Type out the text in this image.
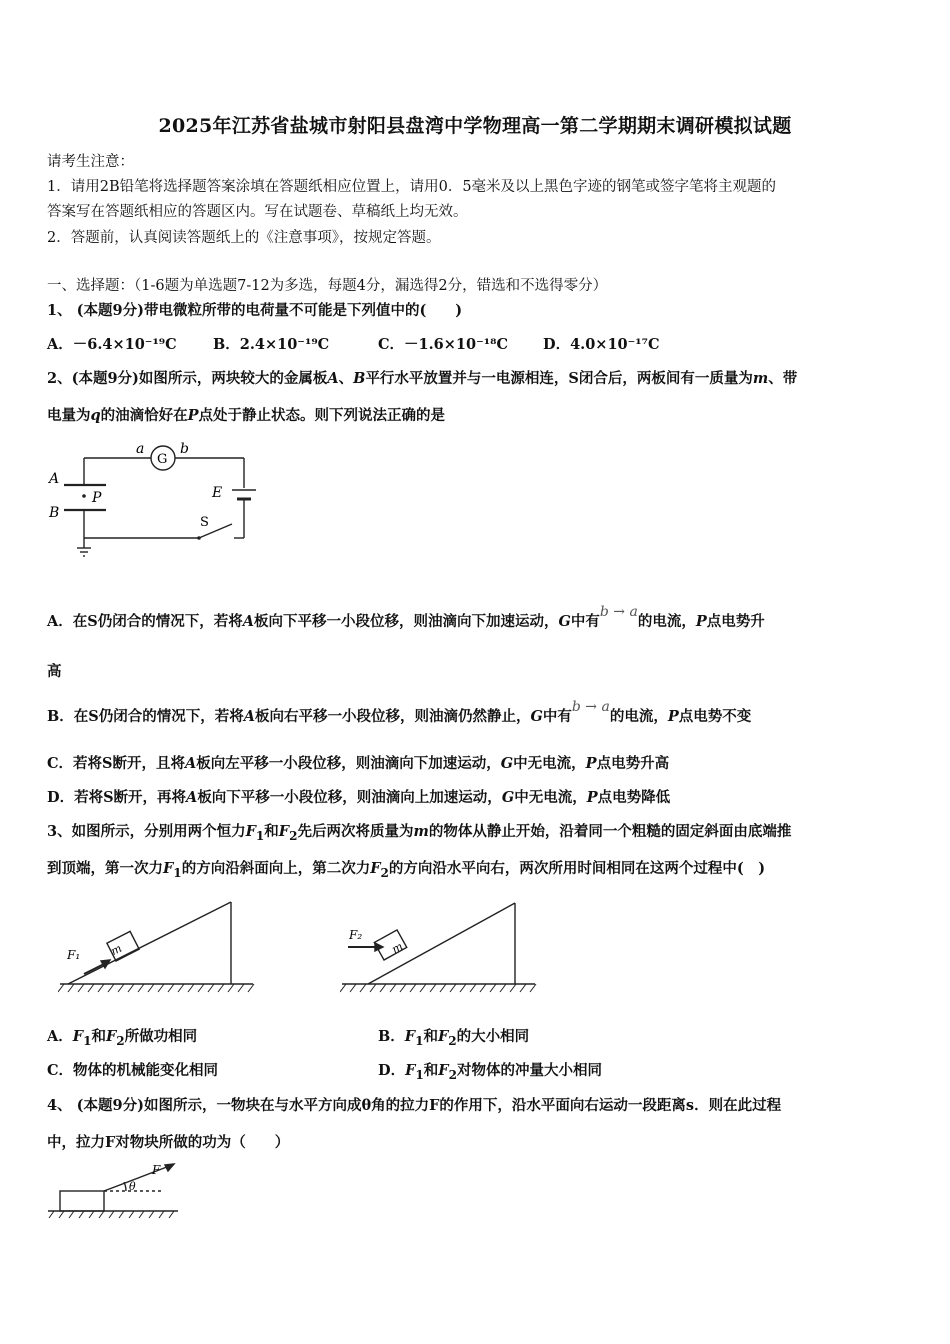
2025年江苏省盐城市射阳县盘湾中学物理高一第二学期期末调研模拟试题
请考生注意：
1．请用2B铅笔将选择题答案涂填在答题纸相应位置上，请用0．5毫米及以上黑色字迹的钢笔或签字笔将主观题的
答案写在答题纸相应的答题区内。写在试题卷、草稿纸上均无效。
2．答题前，认真阅读答题纸上的《注意事项》，按规定答题。
一、选择题：（1-6题为单选题7-12为多选，每题4分，漏选得2分，错选和不选得零分）
1、 (本题9分)带电微粒所带的电荷量不可能是下列值中的(　　)
A．－6.4×10⁻¹⁹C	B．2.4×10⁻¹⁹C	C．－1.6×10⁻¹⁸C D．4.0×10⁻¹⁷C
2、(本题9分)如图所示，两块较大的金属板A、B平行水平放置并与一电源相连，S闭合后，两板间有一质量为m、带
电量为q的油滴恰好在P点处于静止状态。则下列说法正确的是
a	b
G
A
P
B
E
S
A．在S仍闭合的情况下，若将A板向下平移一小段位移，则油滴向下加速运动，G中有b → a的电流，P点电势升
高
B．在S仍闭合的情况下，若将A板向右平移一小段位移，则油滴仍然静止，G中有b → a的电流，P点电势不变
C．若将S断开，且将A板向左平移一小段位移，则油滴向下加速运动，G中无电流，P点电势升高
D．若将S断开，再将A板向下平移一小段位移，则油滴向上加速运动，G中无电流，P点电势降低
3、如图所示，分别用两个恒力$F_1$和$F_2$先后两次将质量为m的物体从静止开始，沿着同一个粗糙的固定斜面由底端推
到顶端，第一次力$F_1$的方向沿斜面向上，第二次力$F_2$的方向沿水平向右，两次所用时间相同在这两个过程中(　)
F₁	m
F₂
m
A．$F_1$和$F_2$所做功相同	B．$F_1$和$F_2$的大小相同
C．物体的机械能变化相同	D．$F_1$和$F_2$对物体的冲量大小相同
4、 (本题9分)如图所示，一物块在与水平方向成θ角的拉力F的作用下，沿水平面向右运动一段距离s．则在此过程
中，拉力F对物块所做的功为（　　）
F
θ
